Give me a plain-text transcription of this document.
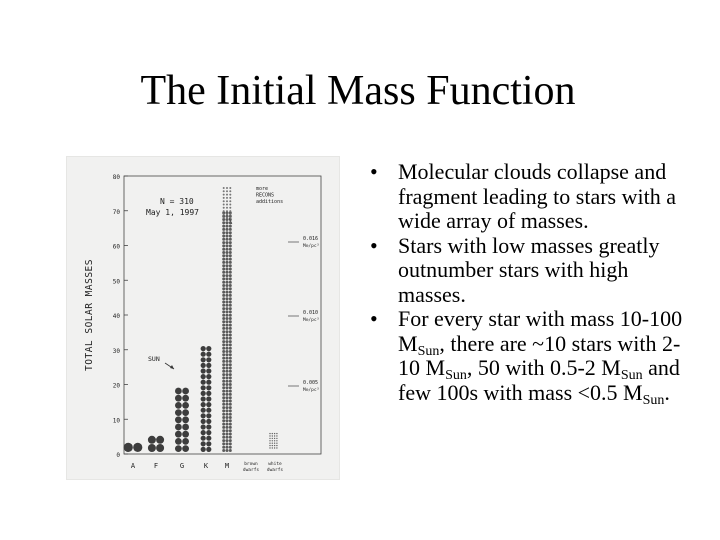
The Initial Mass Function
0
10
20
30
40
50
60
70
80
TOTAL SOLAR MASSES
N = 310
May 1, 1997
more
RECONS
additions
SUN
A	F	G	K M	brown
dwarfs
white
dwarfs
0.016
M⊙/pc³
0.010
M⊙/pc³
0.005
M⊙/pc³
• Molecular clouds collapse and fragment leading to stars with a wide array of masses.
• Stars with low masses greatly outnumber stars with high masses.
• For every star with mass 10-100 $M_{Sun}$, there are ~10 stars with 2-10 $M_{Sun}$, 50 with 0.5-2 $M_{Sun}$ and few 100s with mass <0.5 $M_{Sun}$.
